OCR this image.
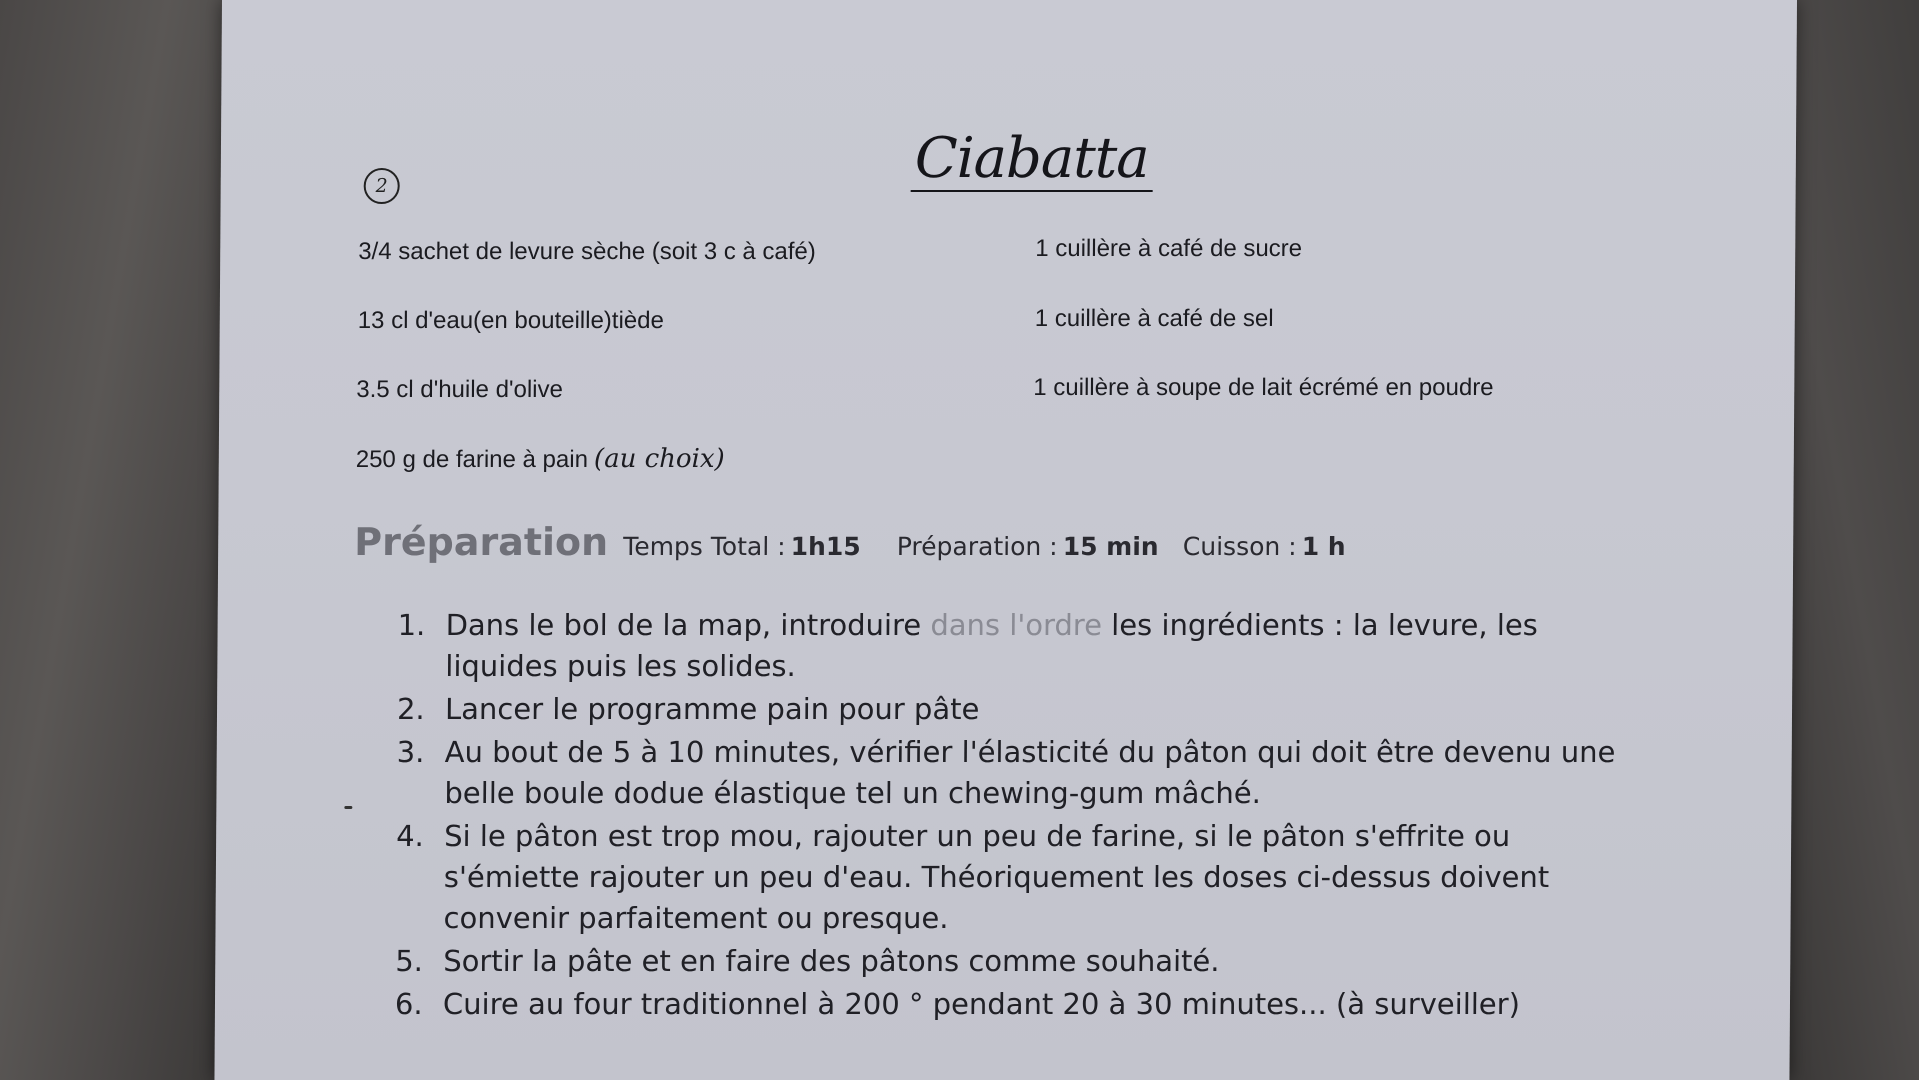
2	Ciabatta
3/4 sachet de levure sèche (soit 3 c à café)
13 cl d'eau(en bouteille)tiède
3.5 cl d'huile d'olive
250 g de farine à pain (au choix)
1 cuillère à café de sucre
1 cuillère à café de sel
1 cuillère à soupe de lait écrémé en poudre
Préparation Temps Total : 1h15 Préparation : 15 min Cuisson : 1 h
1. Dans le bol de la map, introduire dans l'ordre les ingrédients : la levure, les liquides puis les solides.
2. Lancer le programme pain pour pâte
3. Au bout de 5 à 10 minutes, vérifier l'élasticité du pâton qui doit être devenu une belle boule dodue élastique tel un chewing-gum mâché.
4. Si le pâton est trop mou, rajouter un peu de farine, si le pâton s'effrite ou s'émiette rajouter un peu d'eau. Théoriquement les doses ci-dessus doivent convenir parfaitement ou presque.
5. Sortir la pâte et en faire des pâtons comme souhaité.
6. Cuire au four traditionnel à 200 ° pendant 20 à 30 minutes... (à surveiller)
